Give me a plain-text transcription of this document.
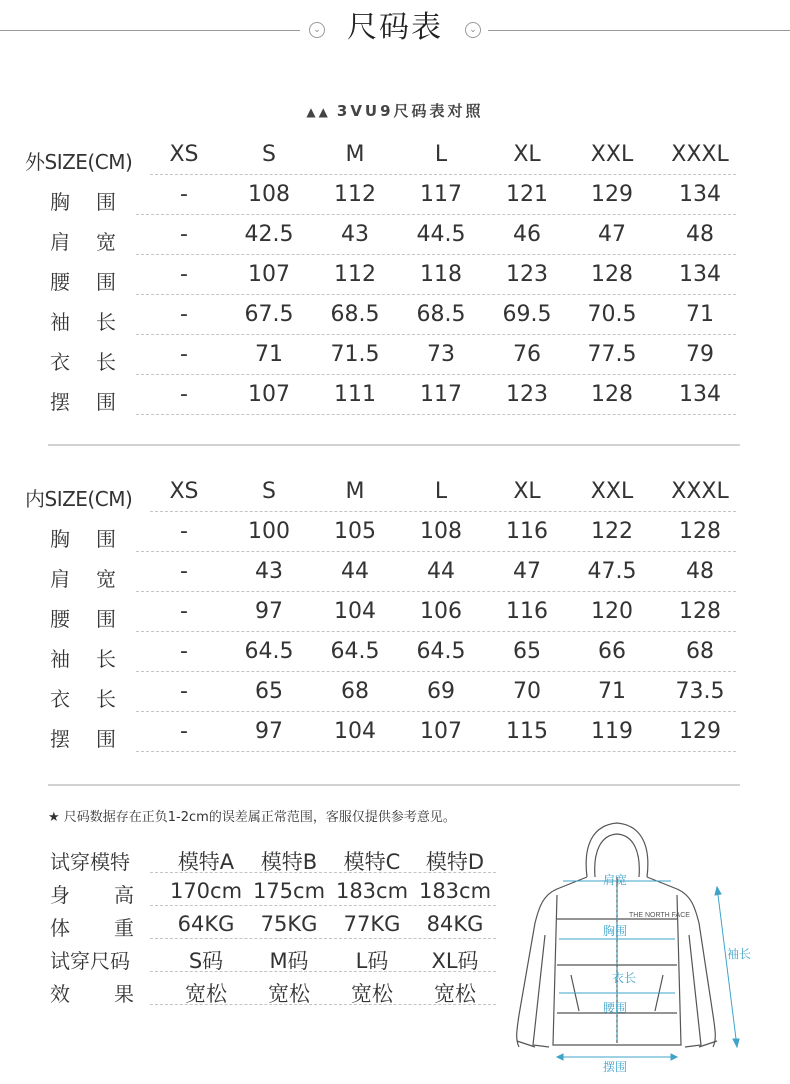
⌄ 尺码表	⌄
▲▲ 3VU9尺码表对照
外SIZE(CM)	XS	S	M	L	XL	XXL	XXXL
胸 围	-	108	112	117	121	129	134
肩 宽	-	42.5	43	44.5	46	47	48
腰 围	-	107	112	118	123	128	134
袖 长	-	67.5	68.5	68.5	69.5	70.5	71
衣 长	-	71	71.5	73	76	77.5	79
摆 围	-	107	111	117	123	128	134
内SIZE(CM)	XS	S	M	L	XL	XXL	XXXL
胸 围	-	100	105	108	116	122	128
肩 宽	-	43	44	44	47	47.5	48
腰 围	-	97	104	106	116	120	128
袖 长	-	64.5	64.5	64.5	65	66	68
衣 长	-	65	68	69	70	71	73.5
摆 围	-	97	104	107	115	119	129
★ 尺码数据存在正负1-2cm的误差属正常范围，客服仅提供参考意见。
试穿模特	模特A	模特B	模特C	模特D
身 高	170cm 175cm 183cm 183cm
体 重	64KG	75KG	77KG	84KG
试穿尺码	S码	M码	L码	XL码
效 果	宽松	宽松	宽松	宽松
THE NORTH FACE
肩宽
胸围
衣长
腰围
摆围
袖长
